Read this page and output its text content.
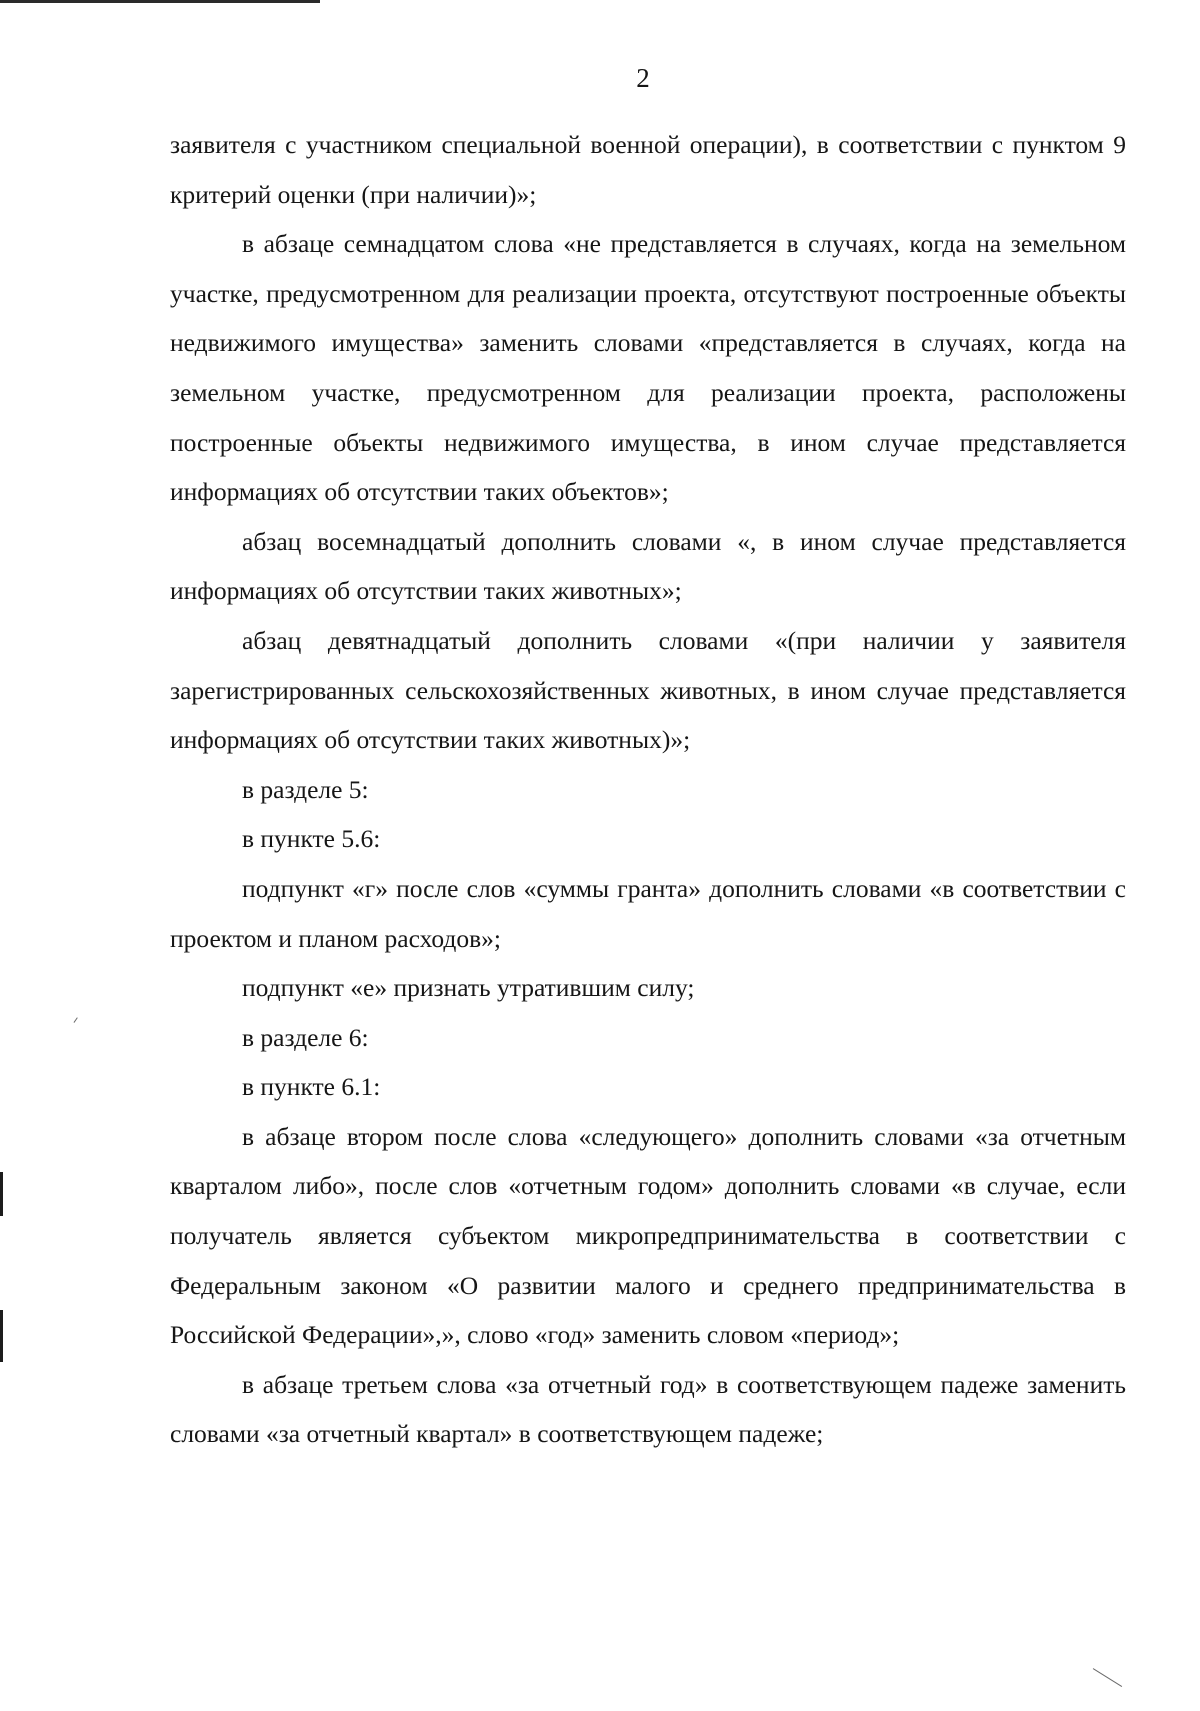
2

заявителя с участником специальной военной операции), в соответствии с пунктом 9 критерий оценки (при наличии)»;

в абзаце семнадцатом слова «не представляется в случаях, когда на земельном участке, предусмотренном для реализации проекта, отсутствуют построенные объекты недвижимого имущества» заменить словами «представляется в случаях, когда на земельном участке, предусмотренном для реализации проекта, расположены построенные объекты недвижимого имущества, в ином случае представляется информациях об отсутствии таких объектов»;

абзац восемнадцатый дополнить словами «, в ином случае представляется информациях об отсутствии таких животных»;

абзац девятнадцатый дополнить словами «(при наличии у заявителя зарегистрированных сельскохозяйственных животных, в ином случае представляется информациях об отсутствии таких животных)»;

в разделе 5:

в пункте 5.6:

подпункт «г» после слов «суммы гранта» дополнить словами «в соответствии с проектом и планом расходов»;

подпункт «е» признать утратившим силу;

в разделе 6:

в пункте 6.1:

в абзаце втором после слова «следующего» дополнить словами «за отчетным кварталом либо», после слов «отчетным годом» дополнить словами «в случае, если получатель является субъектом микропредпринимательства в соответствии с Федеральным законом «О развитии малого и среднего предпринимательства в Российской Федерации»,», слово «год» заменить словом «период»;

в абзаце третьем слова «за отчетный год» в соответствующем падеже заменить словами «за отчетный квартал» в соответствующем падеже;
